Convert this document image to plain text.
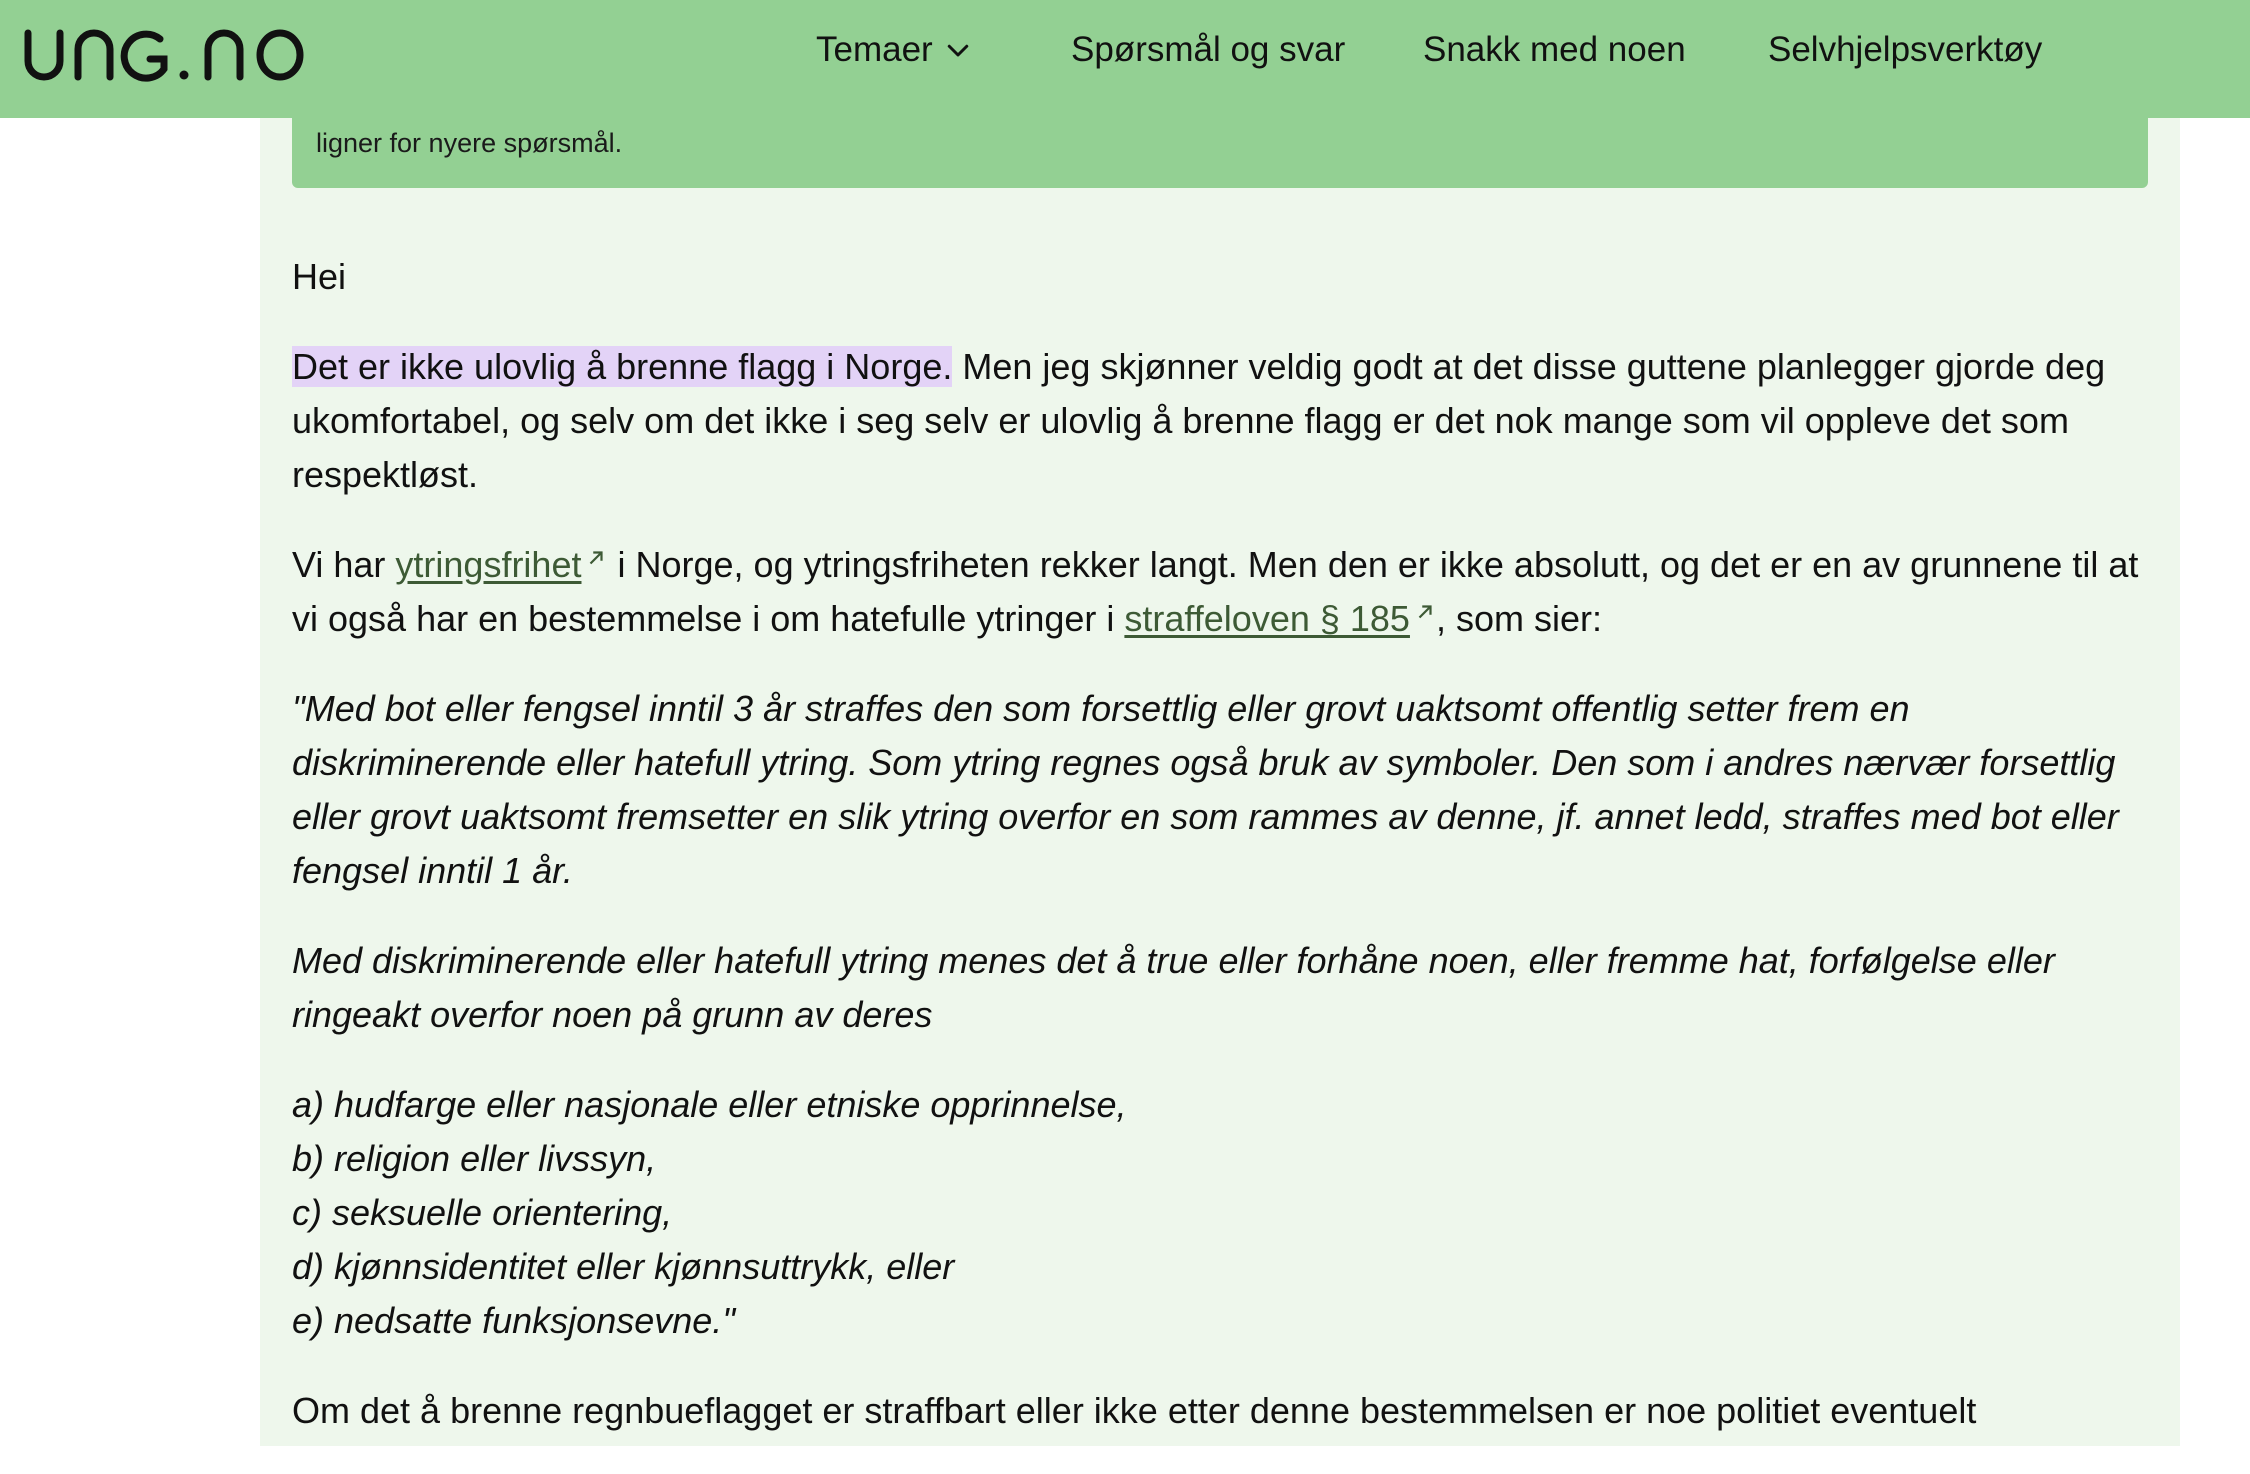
ligner for nyere spørsmål.
Temaer	Spørsmål og svar Snakk med noen Selvhjelpsverktøy

Hei

Det er ikke ulovlig å brenne flagg i Norge. Men jeg skjønner veldig godt at det disse guttene planlegger gjorde deg ukomfortabel, og selv om det ikke i seg selv er ulovlig å brenne flagg er det nok mange som vil oppleve det som respektløst.

Vi har ytringsfrihet i Norge, og ytringsfriheten rekker langt. Men den er ikke absolutt, og det er en av grunnene til at vi også har en bestemmelse i om hatefulle ytringer i straffeloven § 185 , som sier:

"Med bot eller fengsel inntil 3 år straffes den som forsettlig eller grovt uaktsomt offentlig setter frem en diskriminerende eller hatefull ytring. Som ytring regnes også bruk av symboler. Den som i andres nærvær forsettlig eller grovt uaktsomt fremsetter en slik ytring overfor en som rammes av denne, jf. annet ledd, straffes med bot eller fengsel inntil 1 år.

Med diskriminerende eller hatefull ytring menes det å true eller forhåne noen, eller fremme hat, forfølgelse eller ringeakt overfor noen på grunn av deres

a) hudfarge eller nasjonale eller etniske opprinnelse,
b) religion eller livssyn,
c) seksuelle orientering,
d) kjønnsidentitet eller kjønnsuttrykk, eller
e) nedsatte funksjonsevne."

Om det å brenne regnbueflagget er straffbart eller ikke etter denne bestemmelsen er noe politiet eventuelt
